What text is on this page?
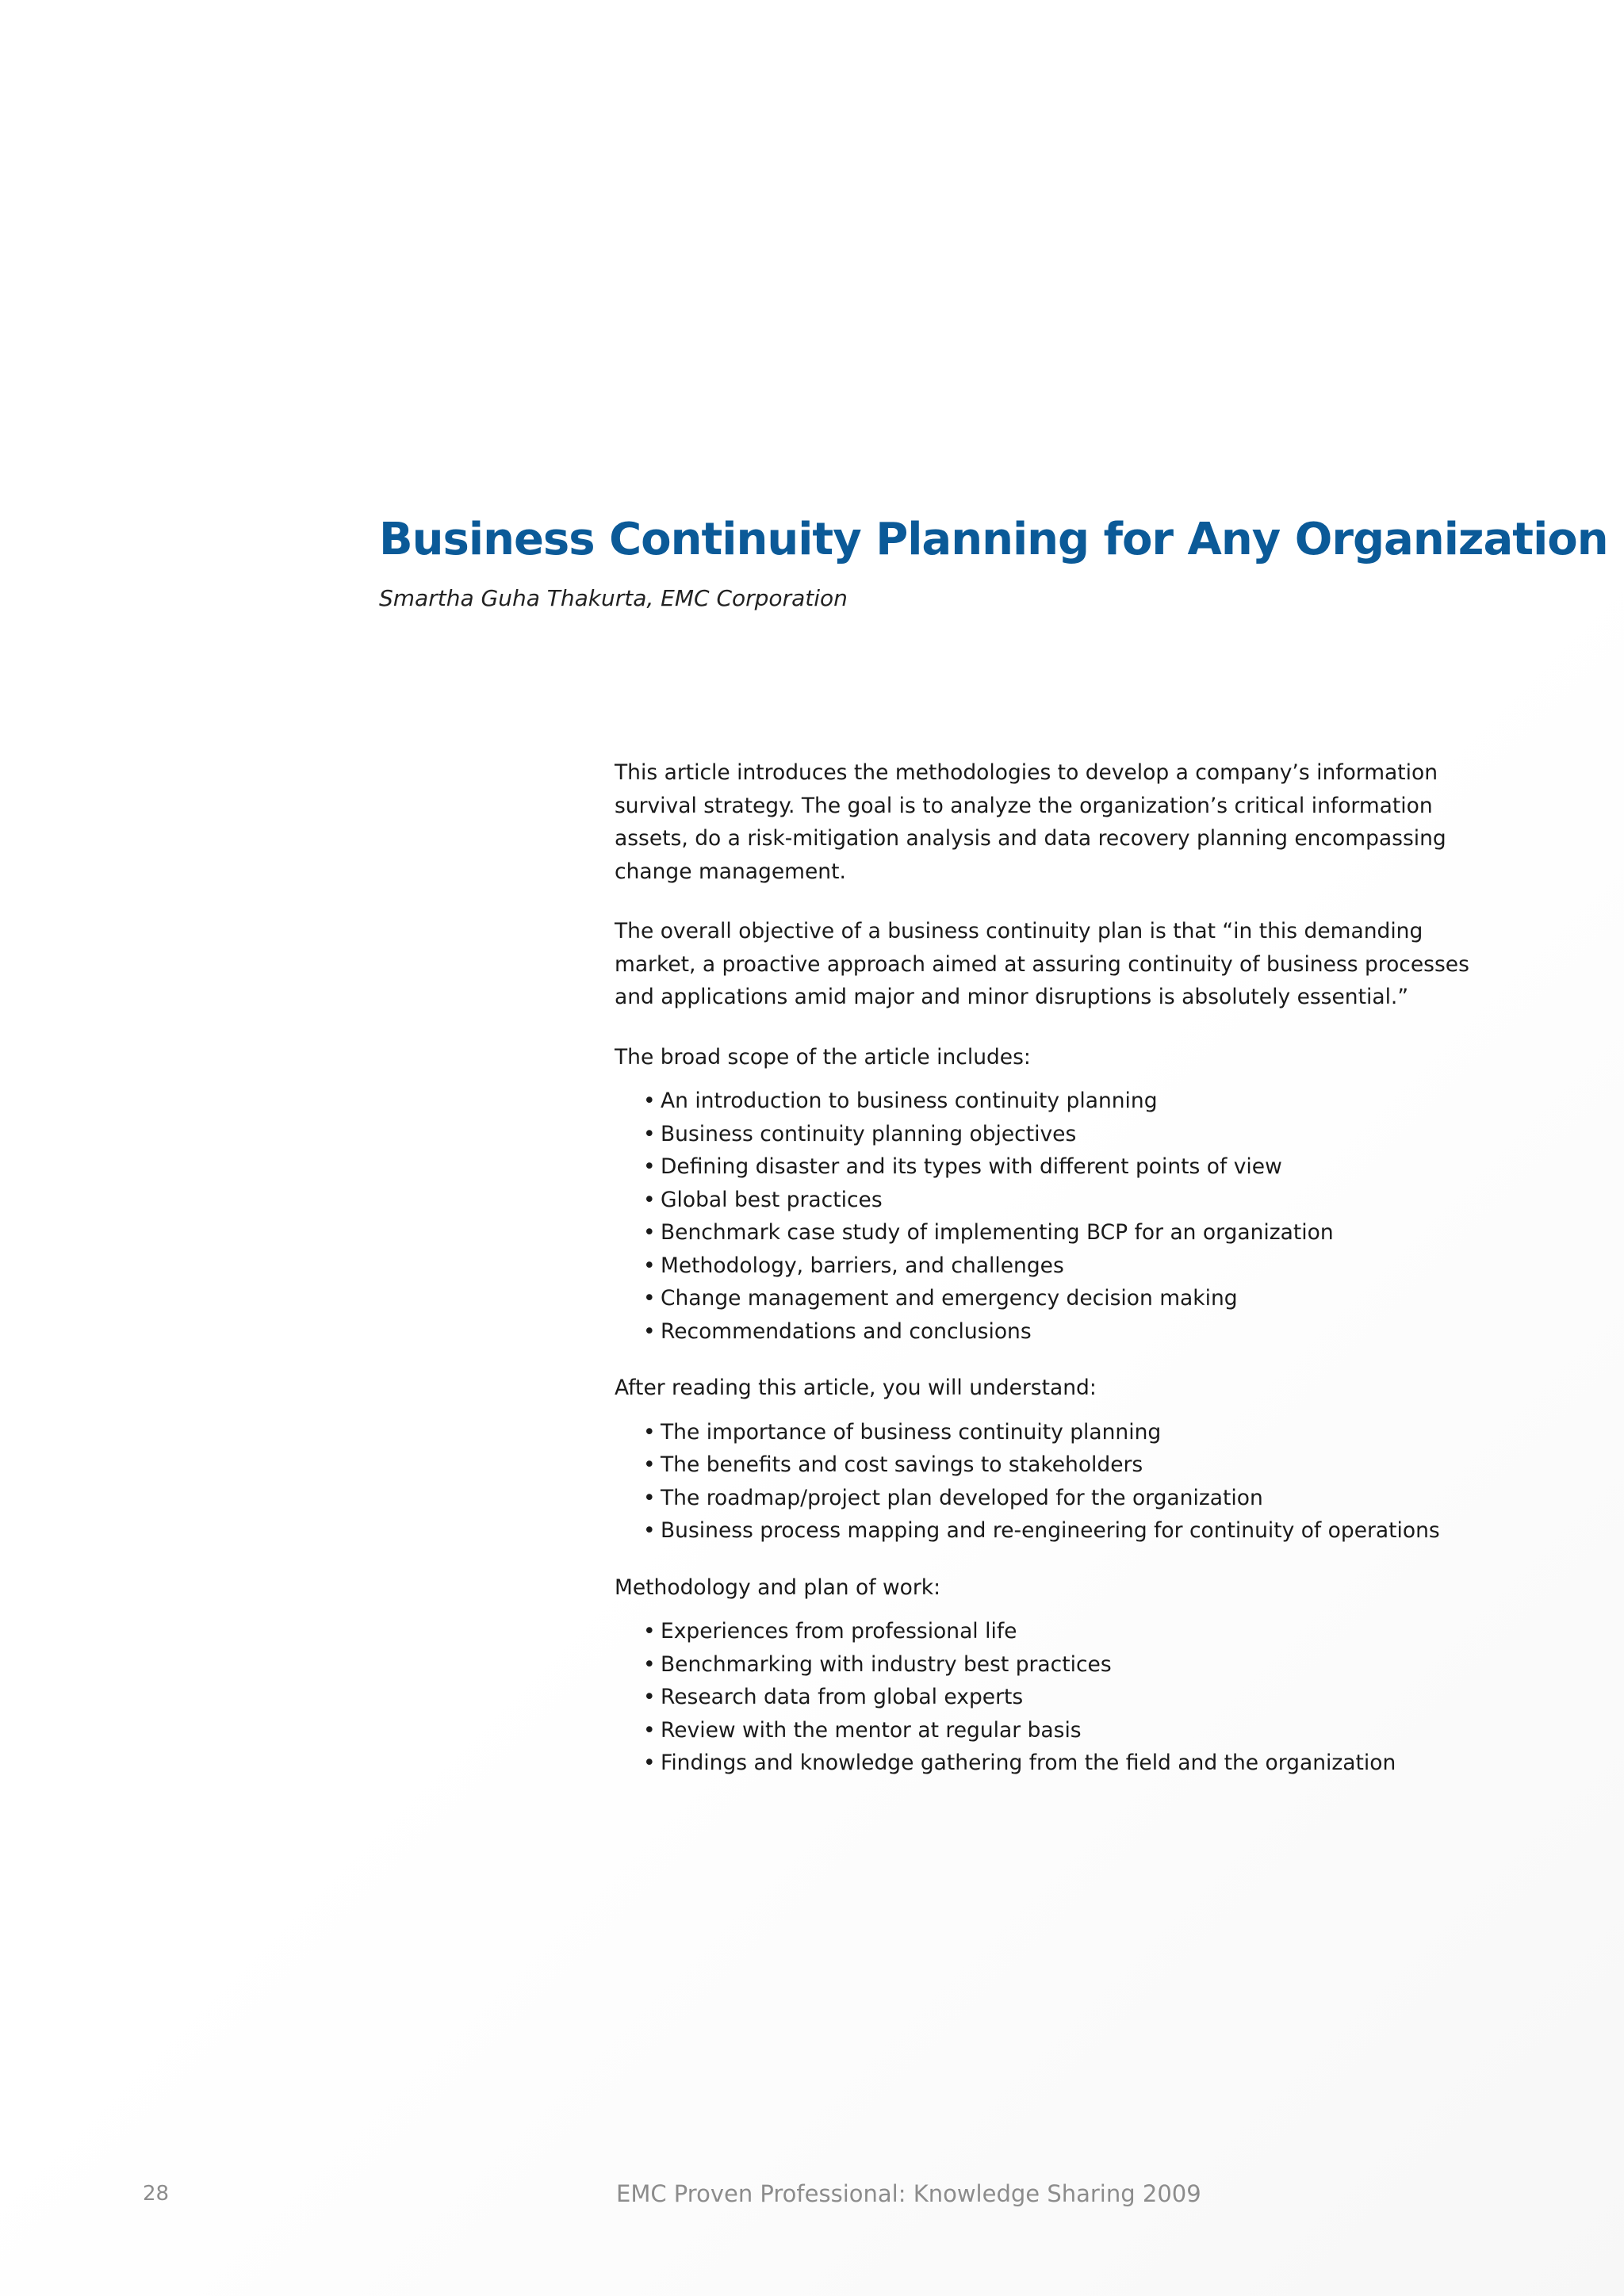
Business Continuity Planning for Any Organization

Smartha Guha Thakurta, EMC Corporation

This article introduces the methodologies to develop a company’s information survival strategy. The goal is to analyze the organization’s critical information assets, do a risk-mitigation analysis and data recovery planning encompassing change management.

The overall objective of a business continuity plan is that “in this demanding market, a proactive approach aimed at assuring continuity of business processes and applications amid major and minor disruptions is absolutely essential.”

The broad scope of the article includes:

• An introduction to business continuity planning
• Business continuity planning objectives
• Defining disaster and its types with different points of view
• Global best practices
• Benchmark case study of implementing BCP for an organization
• Methodology, barriers, and challenges
• Change management and emergency decision making
• Recommendations and conclusions

After reading this article, you will understand:

• The importance of business continuity planning
• The benefits and cost savings to stakeholders
• The roadmap/project plan developed for the organization
• Business process mapping and re-engineering for continuity of operations

Methodology and plan of work:

• Experiences from professional life
• Benchmarking with industry best practices
• Research data from global experts
• Review with the mentor at regular basis
• Findings and knowledge gathering from the field and the organization
28	EMC Proven Professional: Knowledge Sharing 2009
